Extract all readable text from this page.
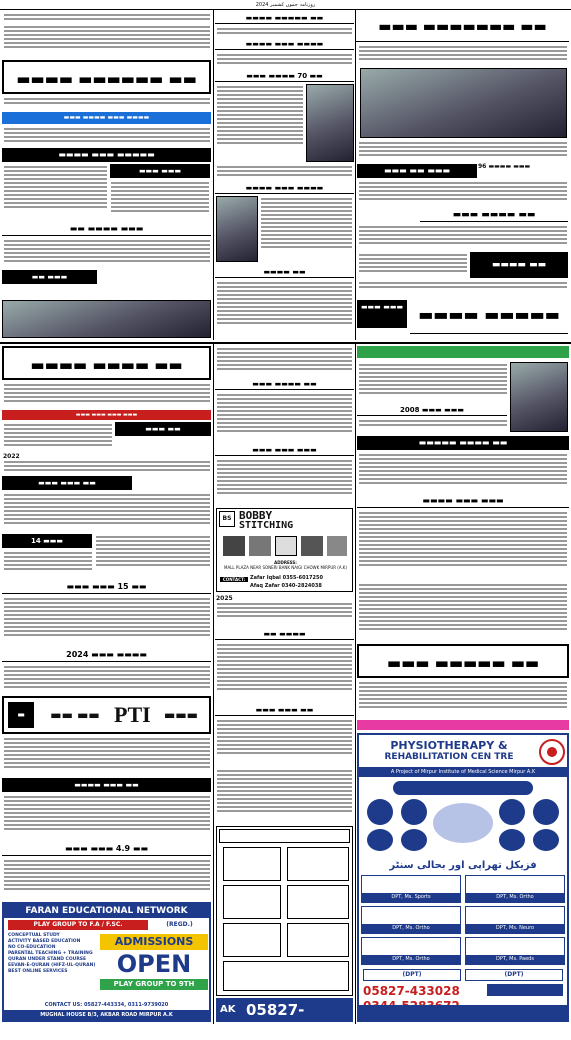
روزنامہ جموں کشمیر 2024
▬▬▬ ▬▬▬▬▬▬▬ ▬▬
▬▬▬ ▬▬ ▬▬▬	96 ▬▬▬▬ ▬▬▬
▬▬▬ ▬▬▬▬ ▬▬
▬▬▬▬ ▬▬
▬▬▬ ▬▬▬ ▬▬▬▬ ▬▬▬▬▬
▬▬▬▬ ▬▬▬▬▬ ▬▬
▬▬▬▬ ▬▬▬ ▬▬▬▬
▬▬▬ ▬▬▬▬ 70 ▬▬
▬▬▬▬ ▬▬▬ ▬▬▬▬
▬▬▬▬ ▬▬
▬▬▬▬ ▬▬▬▬▬▬ ▬▬
▬▬▬ ▬▬▬▬ ▬▬▬ ▬▬▬▬
▬▬▬▬ ▬▬▬ ▬▬▬▬▬
▬▬▬ ▬▬▬
▬▬ ▬▬▬▬ ▬▬▬
▬▬ ▬▬▬
2008 ▬▬▬ ▬▬▬
▬▬▬▬▬ ▬▬▬▬ ▬▬
▬▬▬▬ ▬▬▬ ▬▬▬
▬▬▬ ▬▬▬▬▬ ▬▬
PHYSIOTHERAPY &
REHABILITATION CEN TRE
A Project of Mirpur Institute of Medical Science Mirpur A.K
فزیکل تھراپی اور بحالی سنٹر
DPT, Ms. Sports	DPT, Ms. Ortho
DPT, Ms. Ortho	DPT, Ms. Neuro
DPT, Ms. Ortho	DPT, Ms. Paeds
(DPT)	(DPT)
05827-433028
▬▬▬ ▬▬▬▬ ▬▬
▬▬▬ ▬▬▬ ▬▬▬
BS BOBBY
STITCHING
ADDRESS:
MALL PLAZA NEAR SONERI BANK NAIGI CHOWK MIRPUR (A.K)
CONTACT: Zafar Iqbal 0355-6017250
Afaq Zafar 0340-2824038
2025
▬▬ ▬▬▬▬
▬▬▬ ▬▬▬ ▬▬
AK 05827-452777
▬▬▬▬ ▬▬▬▬ ▬▬
▬▬▬ ▬▬▬ ▬▬▬ ▬▬▬
▬▬▬ ▬▬
2022
▬▬▬ ▬▬▬ ▬▬
14 ▬▬▬
▬▬▬ ▬▬▬ 15 ▬▬
2024 ▬▬▬ ▬▬▬▬
▬	PTI
▬▬ ▬▬	▬▬▬
▬▬▬▬ ▬▬▬ ▬▬
▬▬▬ ▬▬▬ 4.9 ▬▬
FARAN EDUCATIONAL NETWORK
PLAY GROUP TO F.A / F.SC.	(REGD.)
CONCEPTUAL STUDY
ACTIVITY BASED EDUCATION
NO CO-EDUCATION
PARENTAL TEACHING + TRAINING
QURAN UNDER STAND COURSE
EEVAN-E-QURAN (HIFZ-UL-QURAN)
BEST ONLINE SERVICES
ADMISSIONS
OPEN
PLAY GROUP TO 9TH
CONTACT US: 05827-443334, 0311-9739020
MUGHAL HOUSE B/3, AKBAR ROAD MIRPUR A.K
